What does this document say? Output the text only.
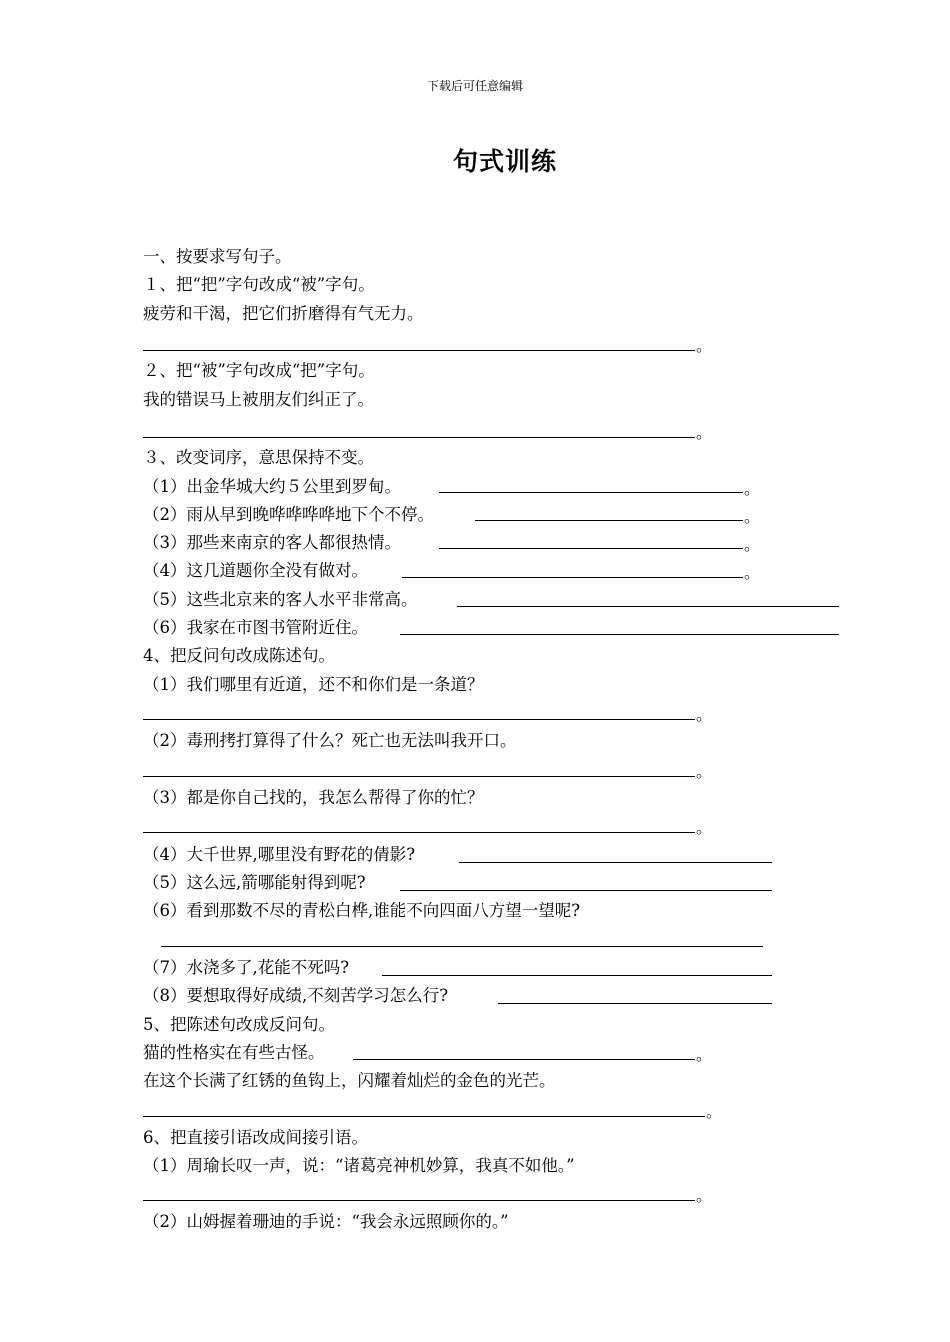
下载后可任意编辑
句式训练
一、按要求写句子。
１、把“把”字句改成“被”字句。
疲劳和干渴，把它们折磨得有气无力。
。
２、把“被”字句改成“把”字句。
我的错误马上被朋友们纠正了。
。
３、改变词序，意思保持不变。
（1）出金华城大约５公里到罗甸。	。
（2）雨从早到晚哗哗哗哗地下个不停。	。
（3）那些来南京的客人都很热情。	。
（4）这几道题你全没有做对。	。
（5）这些北京来的客人水平非常高。
（6）我家在市图书管附近住。
4、把反问句改成陈述句。
（1）我们哪里有近道，还不和你们是一条道？
。
（2）毒刑拷打算得了什么？死亡也无法叫我开口。
。
（3）都是你自己找的，我怎么帮得了你的忙？
。
（4）大千世界,哪里没有野花的倩影?
（5）这么远,箭哪能射得到呢?
（6）看到那数不尽的青松白桦,谁能不向四面八方望一望呢?
（7）水浇多了,花能不死吗?
（8）要想取得好成绩,不刻苦学习怎么行?
5、把陈述句改成反问句。
猫的性格实在有些古怪。	。
在这个长满了红锈的鱼钩上，闪耀着灿烂的金色的光芒。
。
6、把直接引语改成间接引语。
（1）周瑜长叹一声，说：“诸葛亮神机妙算，我真不如他。”
。
（2）山姆握着珊迪的手说：“我会永远照顾你的。”
